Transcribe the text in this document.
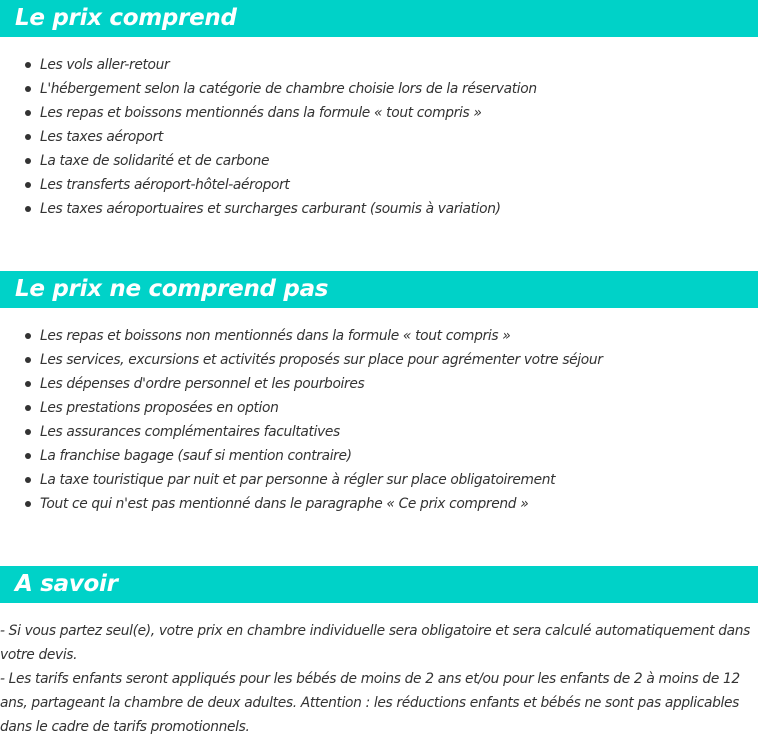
Le prix comprend
Les vols aller-retour
L'hébergement selon la catégorie de chambre choisie lors de la réservation
Les repas et boissons mentionnés dans la formule « tout compris »
Les taxes aéroport
La taxe de solidarité et de carbone
Les transferts aéroport-hôtel-aéroport
Les taxes aéroportuaires et surcharges carburant (soumis à variation)
Le prix ne comprend pas
Les repas et boissons non mentionnés dans la formule « tout compris »
Les services, excursions et activités proposés sur place pour agrémenter votre séjour
Les dépenses d'ordre personnel et les pourboires
Les prestations proposées en option
Les assurances complémentaires facultatives
La franchise bagage (sauf si mention contraire)
La taxe touristique par nuit et par personne à régler sur place obligatoirement
Tout ce qui n'est pas mentionné dans le paragraphe « Ce prix comprend »
A savoir

- Si vous partez seul(e), votre prix en chambre individuelle sera obligatoire et sera calculé automatiquement dans votre devis.

- Les tarifs enfants seront appliqués pour les bébés de moins de 2 ans et/ou pour les enfants de 2 à moins de 12 ans, partageant la chambre de deux adultes. Attention : les réductions enfants et bébés ne sont pas applicables dans le cadre de tarifs promotionnels.
